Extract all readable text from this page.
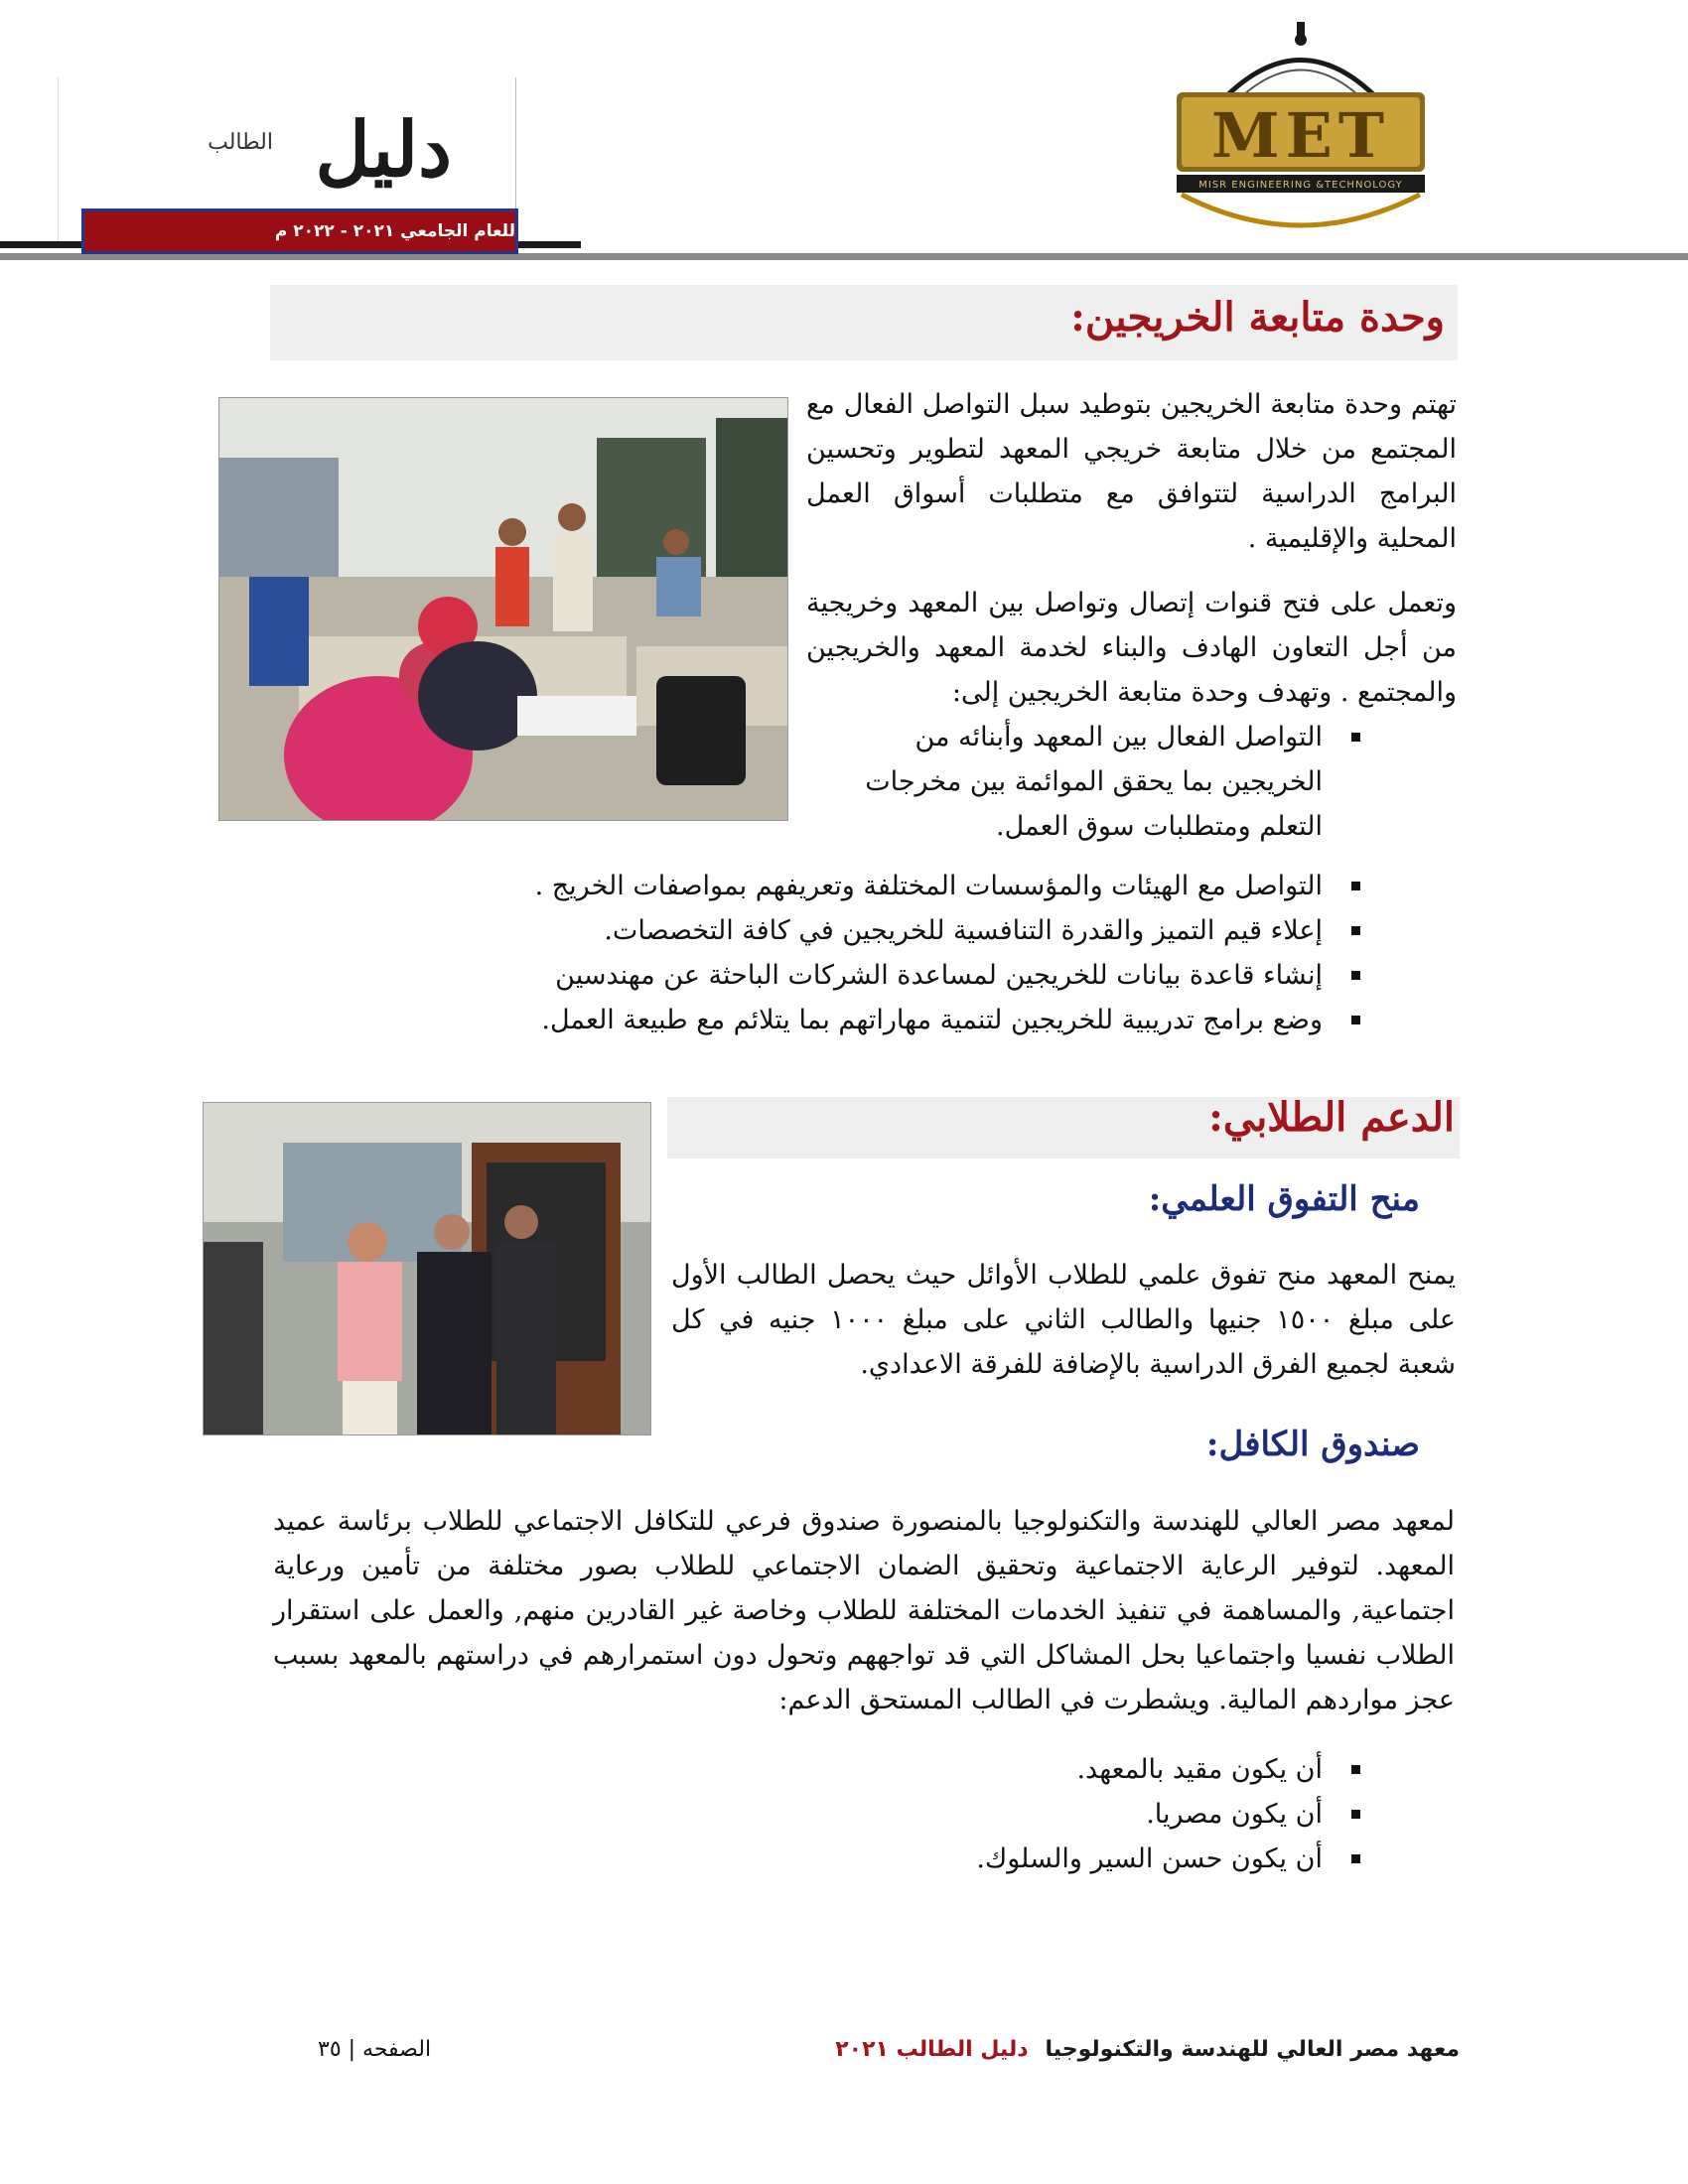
دليل
الطالب
للعام الجامعي ٢٠٢١ - ٢٠٢٢ م
MET
MISR ENGINEERING &TECHNOLOGY
وحدة متابعة الخريجين:
تهتم وحدة متابعة الخريجين بتوطيد سبل التواصل الفعال مع المجتمع من خلال متابعة خريجي المعهد لتطوير وتحسين البرامج الدراسية لتتوافق مع متطلبات أسواق العمل المحلية والإقليمية .
وتعمل على فتح قنوات إتصال وتواصل بين المعهد وخريجية من أجل التعاون الهادف والبناء لخدمة المعهد والخريجين والمجتمع . وتهدف وحدة متابعة الخريجين إلى:
التواصل الفعال بين المعهد وأبنائه من الخريجين بما يحقق الموائمة بين مخرجات التعلم ومتطلبات سوق العمل.
التواصل مع الهيئات والمؤسسات المختلفة وتعريفهم بمواصفات الخريج .
إعلاء قيم التميز والقدرة التنافسية للخريجين في كافة التخصصات.
إنشاء قاعدة بيانات للخريجين لمساعدة الشركات الباحثة عن مهندسين
وضع برامج تدريبية للخريجين لتنمية مهاراتهم بما يتلائم مع طبيعة العمل.
الدعم الطلابي:
منح التفوق العلمي:
يمنح المعهد منح تفوق علمي للطلاب الأوائل حيث يحصل الطالب الأول على مبلغ ١٥٠٠ جنيها والطالب الثاني على مبلغ ١٠٠٠ جنيه في كل شعبة لجميع الفرق الدراسية بالإضافة للفرقة الاعدادي.
صندوق الكافل:
لمعهد مصر العالي للهندسة والتكنولوجيا بالمنصورة صندوق فرعي للتكافل الاجتماعي للطلاب برئاسة عميد المعهد. لتوفير الرعاية الاجتماعية وتحقيق الضمان الاجتماعي للطلاب بصور مختلفة من تأمين ورعاية اجتماعية, والمساهمة في تنفيذ الخدمات المختلفة للطلاب وخاصة غير القادرين منهم, والعمل على استقرار الطلاب نفسيا واجتماعيا بحل المشاكل التي قد تواجههم وتحول دون استمرارهم في دراستهم بالمعهد بسبب عجز مواردهم المالية. ويشطرت في الطالب المستحق الدعم:
أن يكون مقيد بالمعهد.
أن يكون مصريا.
أن يكون حسن السير والسلوك.
معهد مصر العالي للهندسة والتكنولوجيا دليل الطالب ٢٠٢١
الصفحه | ٣٥
